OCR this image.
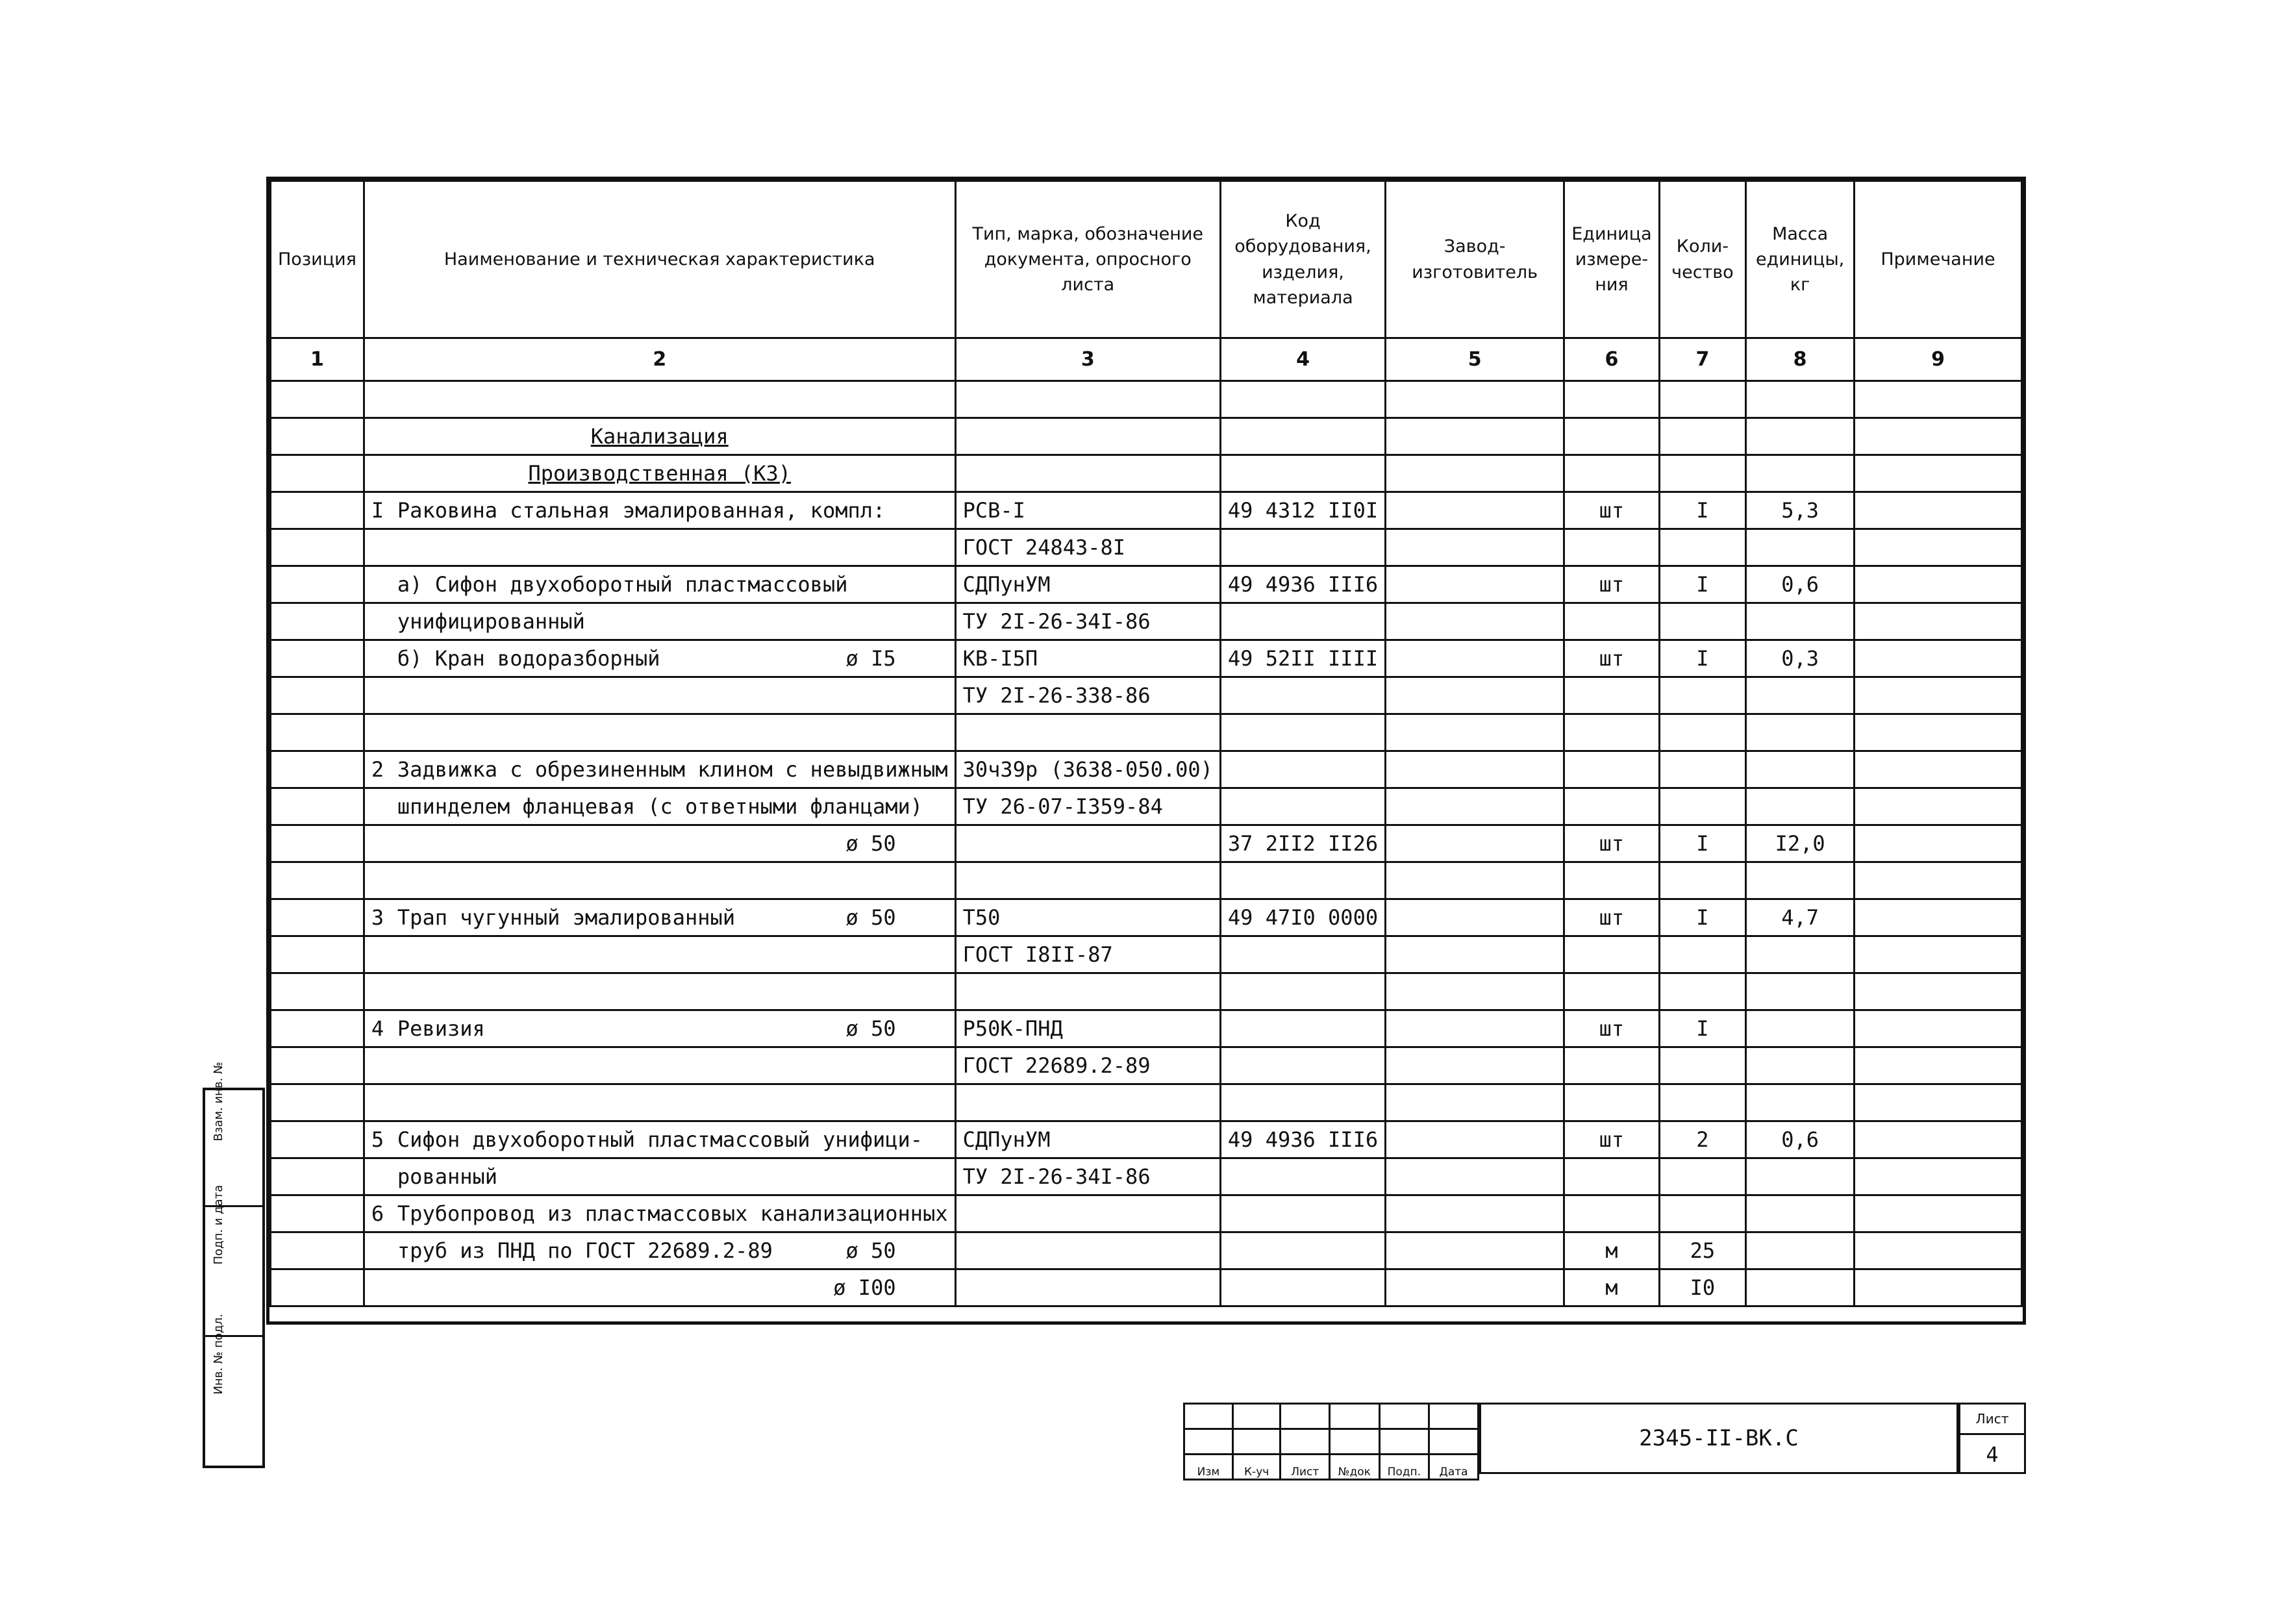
Позиция	Наименование и техническая характеристика	Тип, марка, обозначение документа, опросного листа	Код оборудования, изделия, материала	Завод-изготовитель	Единица измере-ния	Коли-чество	Масса единицы, кг	Примечание
1	2	3	4	5	6	7	8	9

	Канализация							
	Производственная (К3)							
	I Раковина стальная эмалированная, компл:	РСВ-I	49 4312 II0I		шт	I	5,3	

	ГОСТ 24843-8I						
	а) Сифон двухоборотный пластмассовый	СДПунУМ	49 4936 III6		шт	I	0,6	
	унифицированный	ТУ 2I-26-34I-86						
	б) Кран водоразборный ø I5	КВ-I5П	49 52II IIII		шт	I	0,3	

	ТУ 2I-26-338-86						

	2 Задвижка с обрезиненным клином с невыдвижным	30ч39р (3638-050.00)						
	шпинделем фланцевая (с ответными фланцами)	ТУ 26-07-I359-84						

	ø 50		37 2II2 II26		шт	I	I2,0	

	3 Трап чугунный эмалированный ø 50	Т50	49 47I0 0000		шт	I	4,7	

	ГОСТ I8II-87						

	4 Ревизия ø 50	Р50К-ПНД			шт	I		

	ГОСТ 22689.2-89						

	5 Сифон двухоборотный пластмассовый унифици-	СДПунУМ	49 4936 III6		шт	2	0,6	
	рованный	ТУ 2I-26-34I-86						
	6 Трубопровод из пластмассовых канализационных

	труб из ПНД по ГОСТ 22689.2-89 ø 50				м	25		

	ø I00				м	I0		
Взам. инв. №
Подп. и дата
Инв. № подл.

Изм	К-уч	Лист	№док	Подп.	Дата
2345-II-ВК.С
Лист
4
